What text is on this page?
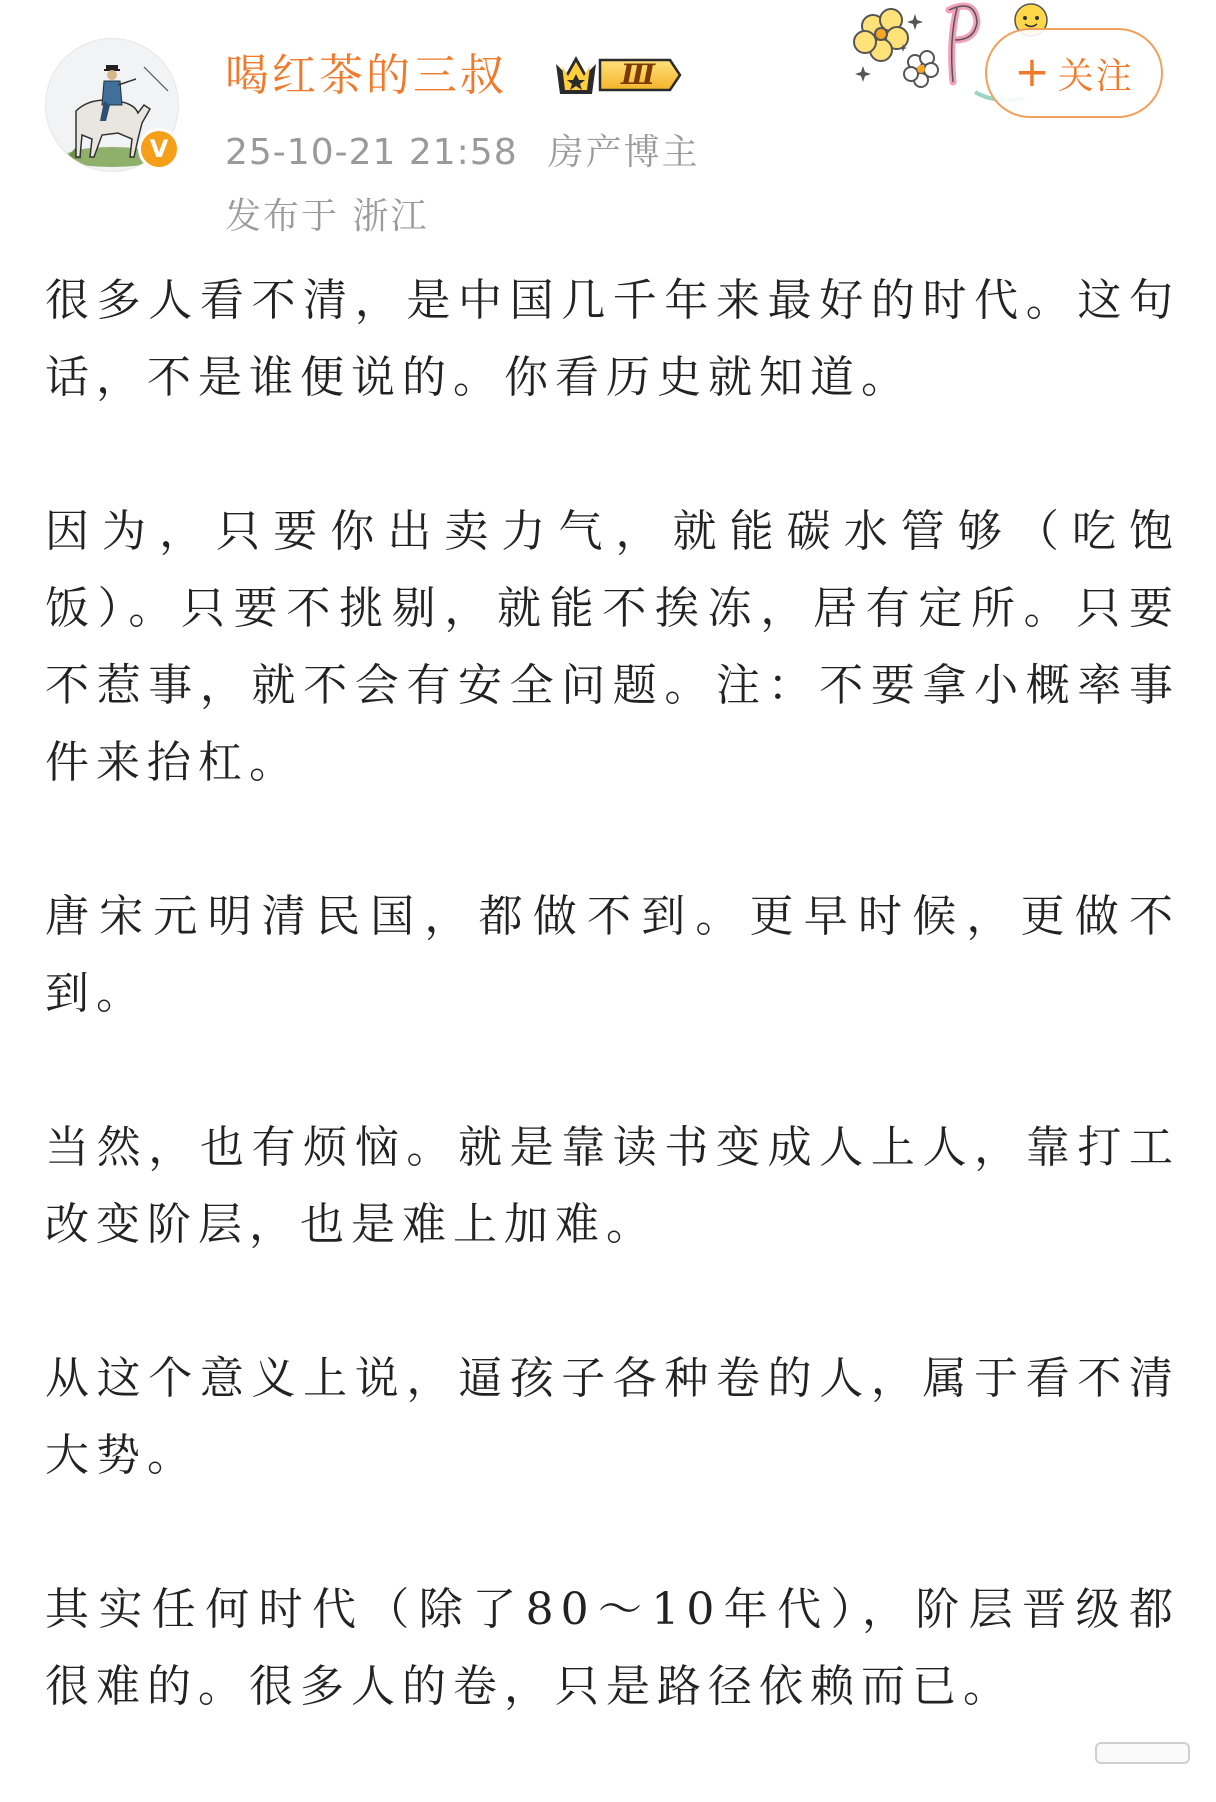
V
喝红茶的三叔	Ⅲ
25-10-21 21:58 房产博主
发布于 浙江
+ 关注

很多人看不清，是中国几千年来最好的时代。这句话，不是谁便说的。你看历史就知道。

因为，只要你出卖力气，就能碳水管够（吃饱饭）。只要不挑剔，就能不挨冻，居有定所。只要不惹事，就不会有安全问题。注：不要拿小概率事件来抬杠。

唐宋元明清民国，都做不到。更早时候，更做不到。

当然，也有烦恼。就是靠读书变成人上人，靠打工改变阶层，也是难上加难。

从这个意义上说，逼孩子各种卷的人，属于看不清大势。

其实任何时代（除了80～10年代），阶层晋级都很难的。很多人的卷，只是路径依赖而已。
